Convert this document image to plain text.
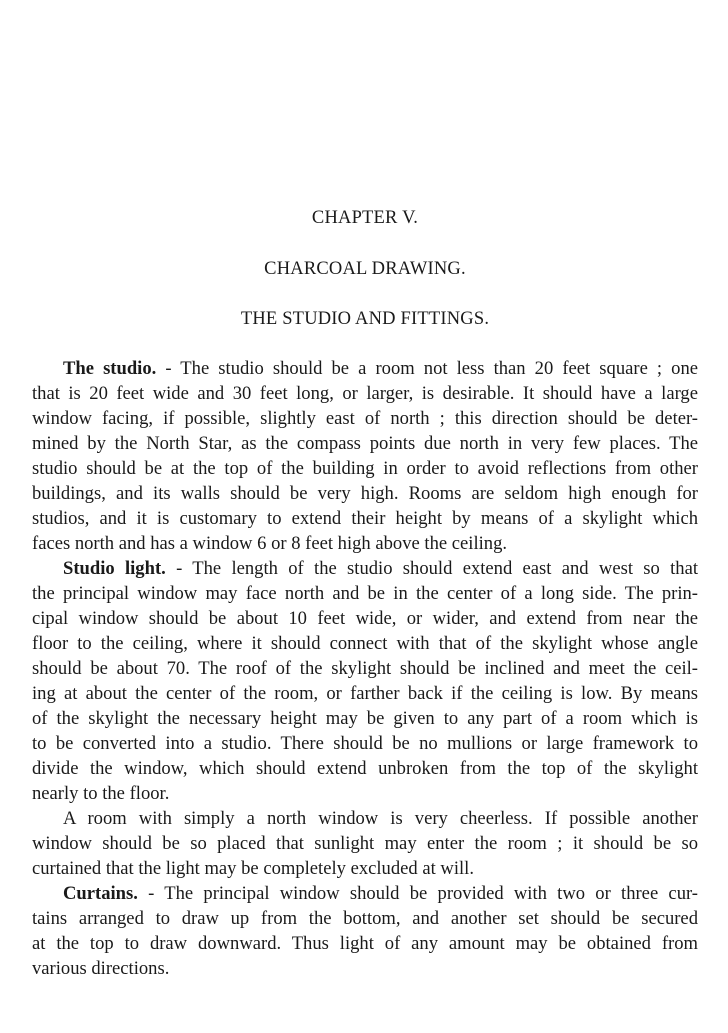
CHAPTER V.
CHARCOAL DRAWING.
THE STUDIO AND FITTINGS.
The studio. - The studio should be a room not less than 20 feet square ; one
that is 20 feet wide and 30 feet long, or larger, is desirable. It should have a large
window facing, if possible, slightly east of north ; this direction should be deter-
mined by the North Star, as the compass points due north in very few places. The
studio should be at the top of the building in order to avoid reflections from other
buildings, and its walls should be very high. Rooms are seldom high enough for
studios, and it is customary to extend their height by means of a skylight which
faces north and has a window 6 or 8 feet high above the ceiling.
Studio light. - The length of the studio should extend east and west so that
the principal window may face north and be in the center of a long side. The prin-
cipal window should be about 10 feet wide, or wider, and extend from near the
floor to the ceiling, where it should connect with that of the skylight whose angle
should be about 70. The roof of the skylight should be inclined and meet the ceil-
ing at about the center of the room, or farther back if the ceiling is low. By means
of the skylight the necessary height may be given to any part of a room which is
to be converted into a studio. There should be no mullions or large framework to
divide the window, which should extend unbroken from the top of the skylight
nearly to the floor.
A room with simply a north window is very cheerless. If possible another
window should be so placed that sunlight may enter the room ; it should be so
curtained that the light may be completely excluded at will.
Curtains. - The principal window should be provided with two or three cur-
tains arranged to draw up from the bottom, and another set should be secured
at the top to draw downward. Thus light of any amount may be obtained from
various directions.
